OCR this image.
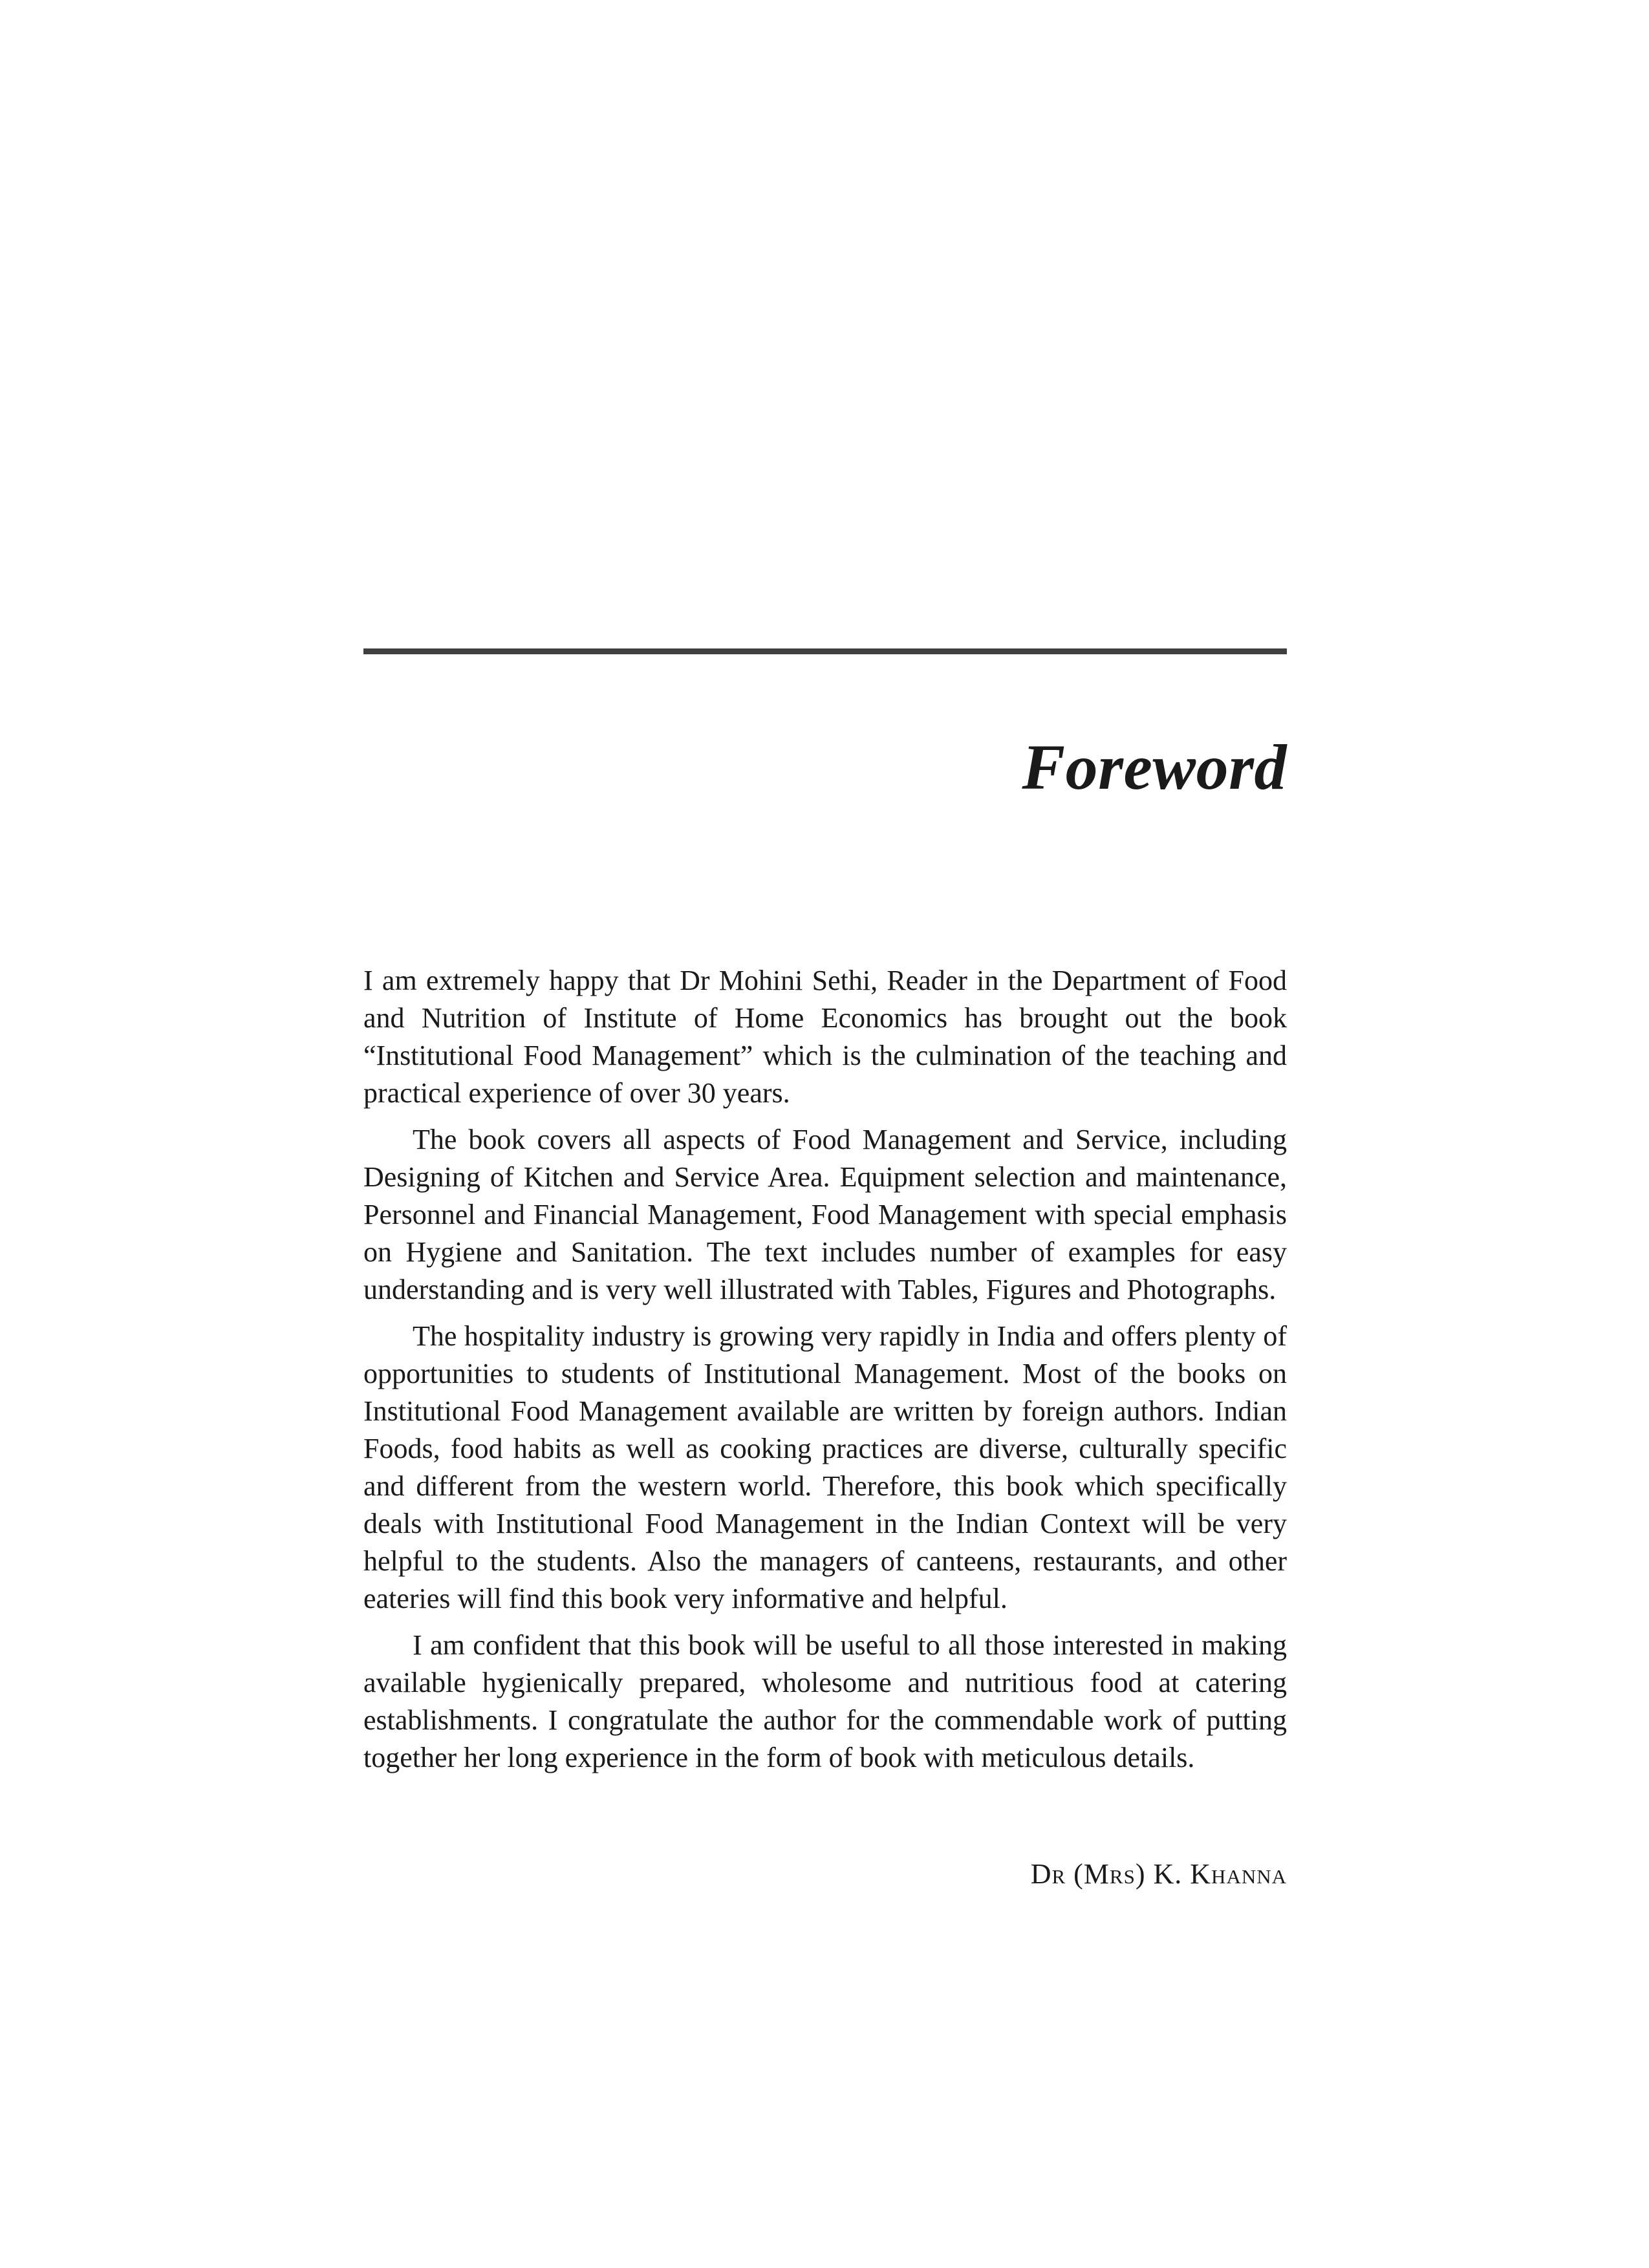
Foreword

I am extremely happy that Dr Mohini Sethi, Reader in the Department of Food and Nutrition of Institute of Home Economics has brought out the book “Institutional Food Management” which is the culmination of the teaching and practical experience of over 30 years.

The book covers all aspects of Food Management and Service, including Designing of Kitchen and Service Area. Equipment selection and maintenance, Personnel and Financial Management, Food Management with special emphasis on Hygiene and Sanitation. The text includes number of examples for easy understanding and is very well illustrated with Tables, Figures and Photographs.

The hospitality industry is growing very rapidly in India and offers plenty of opportunities to students of Institutional Management. Most of the books on Institutional Food Management available are written by foreign authors. Indian Foods, food habits as well as cooking practices are diverse, culturally specific and different from the western world. Therefore, this book which specifically deals with Institutional Food Management in the Indian Context will be very helpful to the students. Also the managers of canteens, restaurants, and other eateries will find this book very informative and helpful.

I am confident that this book will be useful to all those interested in making available hygienically prepared, wholesome and nutritious food at catering establishments. I congratulate the author for the commendable work of putting together her long experience in the form of book with meticulous details.

Dr (Mrs) K. Khanna
